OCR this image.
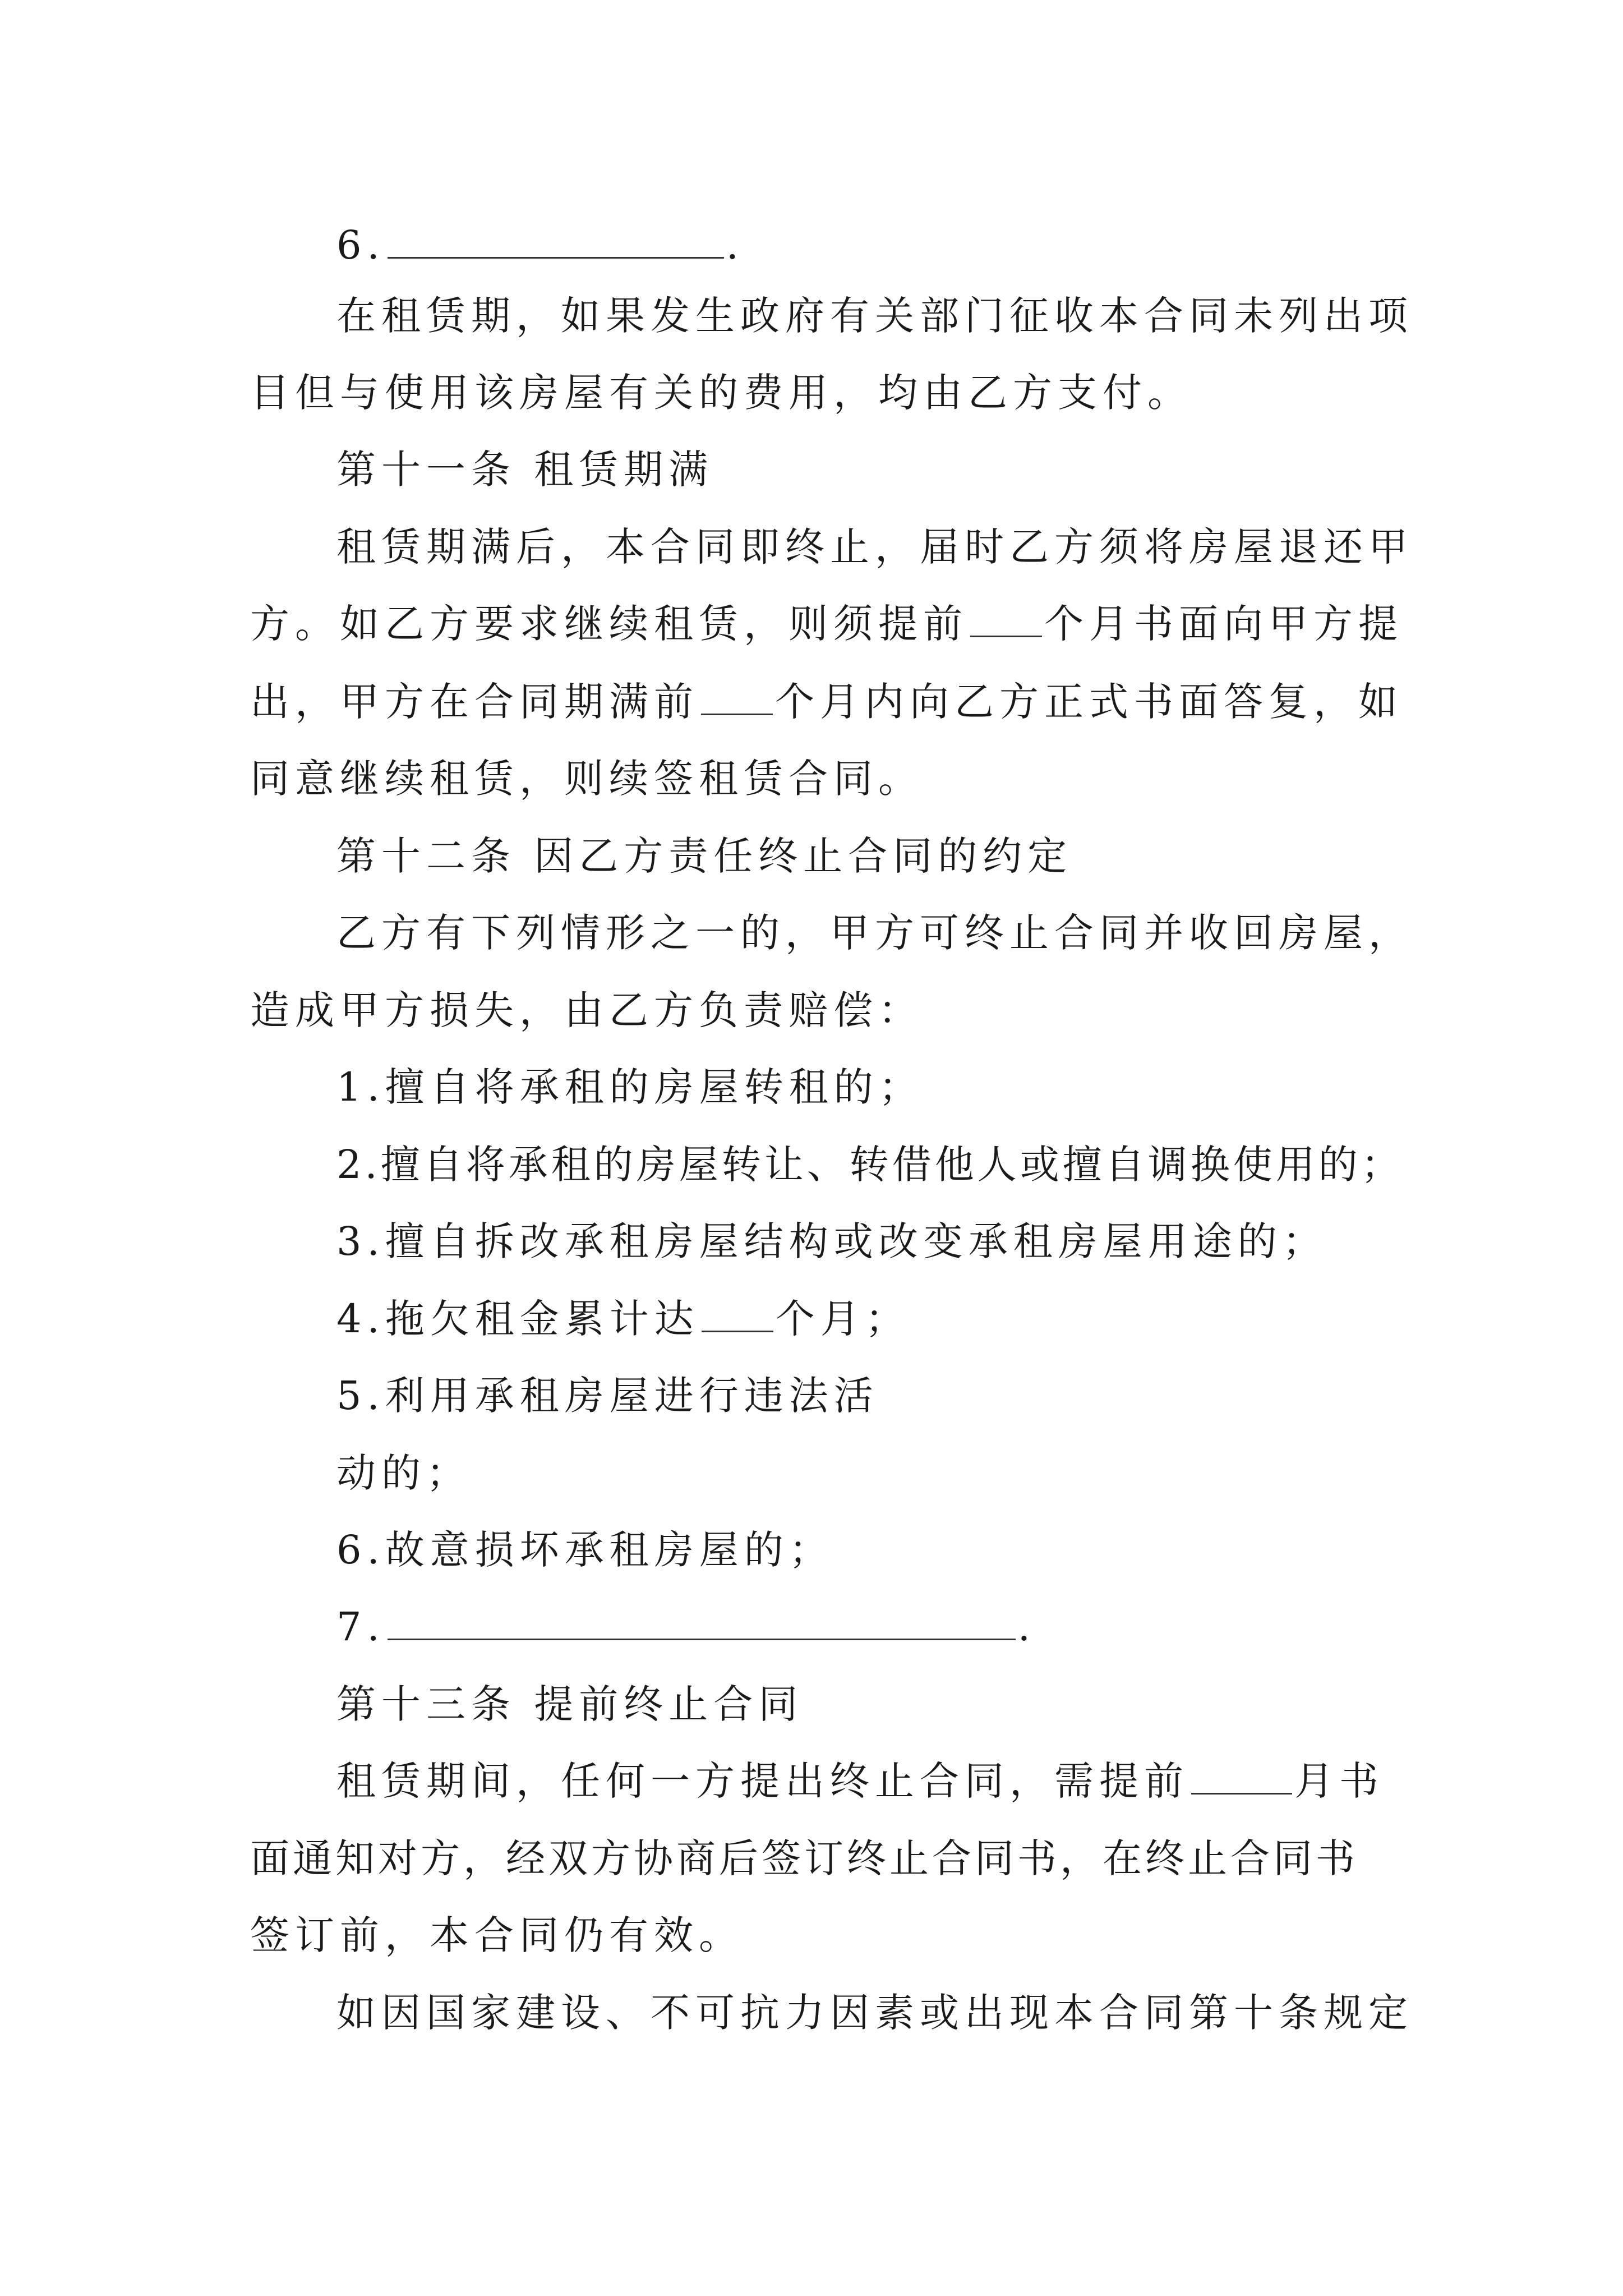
6.	.
在租赁期，如果发生政府有关部门征收本合同未列出项
目但与使用该房屋有关的费用，均由乙方支付。
第十一条 租赁期满
租赁期满后，本合同即终止，届时乙方须将房屋退还甲
方。如乙方要求继续租赁，则须提前 个月书面向甲方提
出，甲方在合同期满前 个月内向乙方正式书面答复，如
同意继续租赁，则续签租赁合同。
第十二条 因乙方责任终止合同的约定
乙方有下列情形之一的，甲方可终止合同并收回房屋，
造成甲方损失，由乙方负责赔偿：
1.擅自将承租的房屋转租的；
2.擅自将承租的房屋转让、转借他人或擅自调换使用的；
3.擅自拆改承租房屋结构或改变承租房屋用途的；
4.拖欠租金累计达 个月；
5.利用承租房屋进行违法活
动的；
6.故意损坏承租房屋的；
7.	.
第十三条 提前终止合同
租赁期间，任何一方提出终止合同，需提前	月书
面通知对方，经双方协商后签订终止合同书，在终止合同书
签订前，本合同仍有效。
如因国家建设、不可抗力因素或出现本合同第十条规定
